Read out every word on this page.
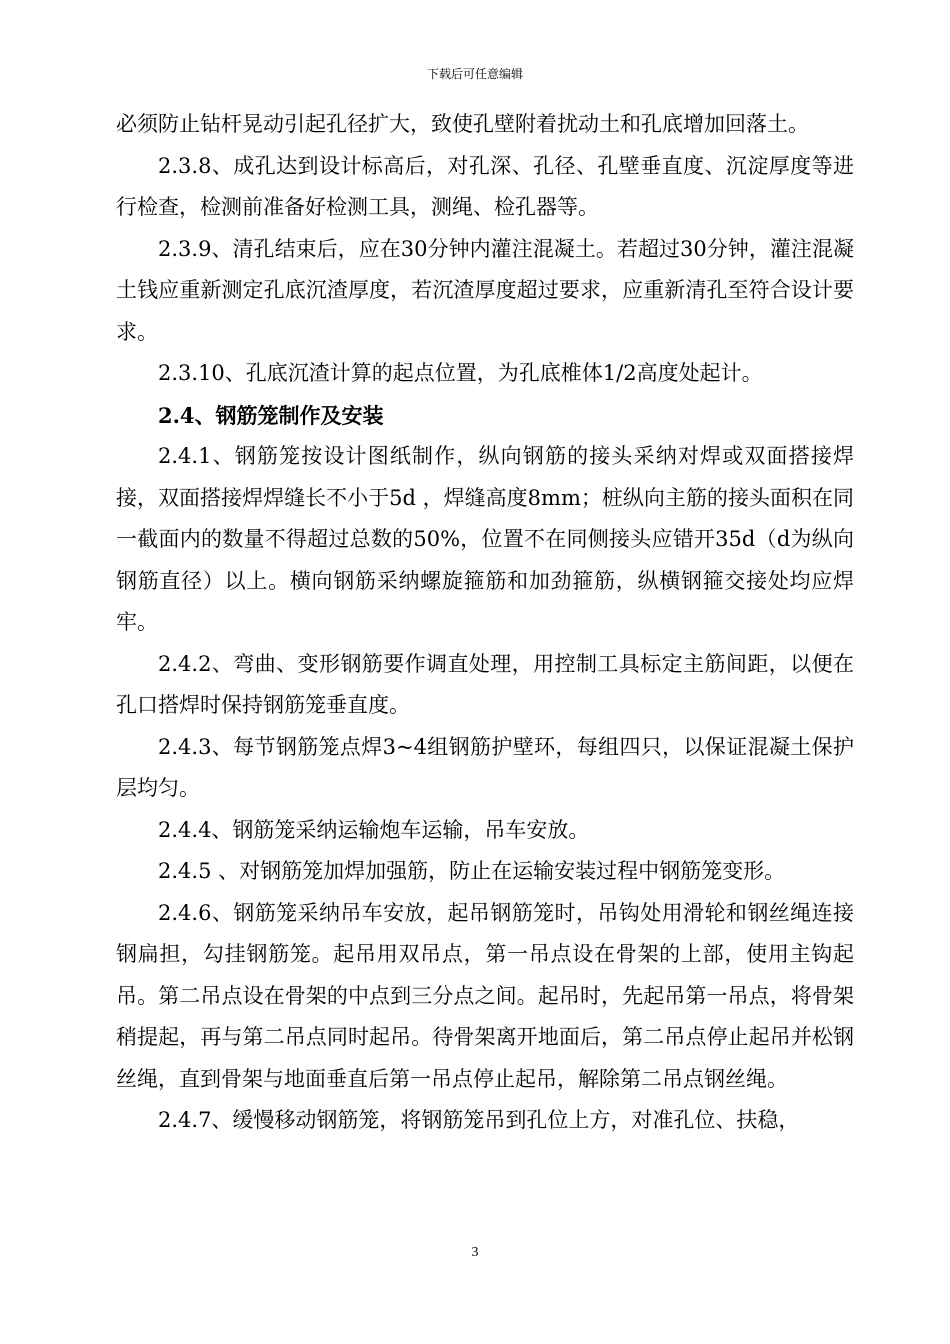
下载后可任意编辑

必须防止钻杆晃动引起孔径扩大，致使孔壁附着扰动土和孔底增加回落土。

2.3.8、成孔达到设计标高后，对孔深、孔径、孔壁垂直度、沉淀厚度等进行检查，检测前准备好检测工具，测绳、检孔器等。

2.3.9、清孔结束后，应在30分钟内灌注混凝土。若超过30分钟，灌注混凝土钱应重新测定孔底沉渣厚度，若沉渣厚度超过要求，应重新清孔至符合设计要求。

2.3.10、孔底沉渣计算的起点位置，为孔底椎体1/2高度处起计。

2.4、钢筋笼制作及安装

2.4.1、钢筋笼按设计图纸制作，纵向钢筋的接头采纳对焊或双面搭接焊接，双面搭接焊焊缝长不小于5d ，焊缝高度8mm；桩纵向主筋的接头面积在同一截面内的数量不得超过总数的50%，位置不在同侧接头应错开35d（d为纵向钢筋直径）以上。横向钢筋采纳螺旋箍筋和加劲箍筋，纵横钢箍交接处均应焊牢。

2.4.2、弯曲、变形钢筋要作调直处理，用控制工具标定主筋间距，以便在孔口搭焊时保持钢筋笼垂直度。

2.4.3、每节钢筋笼点焊3~4组钢筋护壁环，每组四只，以保证混凝土保护层均匀。

2.4.4、钢筋笼采纳运输炮车运输，吊车安放。

2.4.5 、对钢筋笼加焊加强筋，防止在运输安装过程中钢筋笼变形。

2.4.6、钢筋笼采纳吊车安放，起吊钢筋笼时，吊钩处用滑轮和钢丝绳连接钢扁担，勾挂钢筋笼。起吊用双吊点，第一吊点设在骨架的上部，使用主钩起吊。第二吊点设在骨架的中点到三分点之间。起吊时，先起吊第一吊点，将骨架稍提起，再与第二吊点同时起吊。待骨架离开地面后，第二吊点停止起吊并松钢丝绳，直到骨架与地面垂直后第一吊点停止起吊，解除第二吊点钢丝绳。

2.4.7、缓慢移动钢筋笼，将钢筋笼吊到孔位上方，对准孔位、扶稳，

3
